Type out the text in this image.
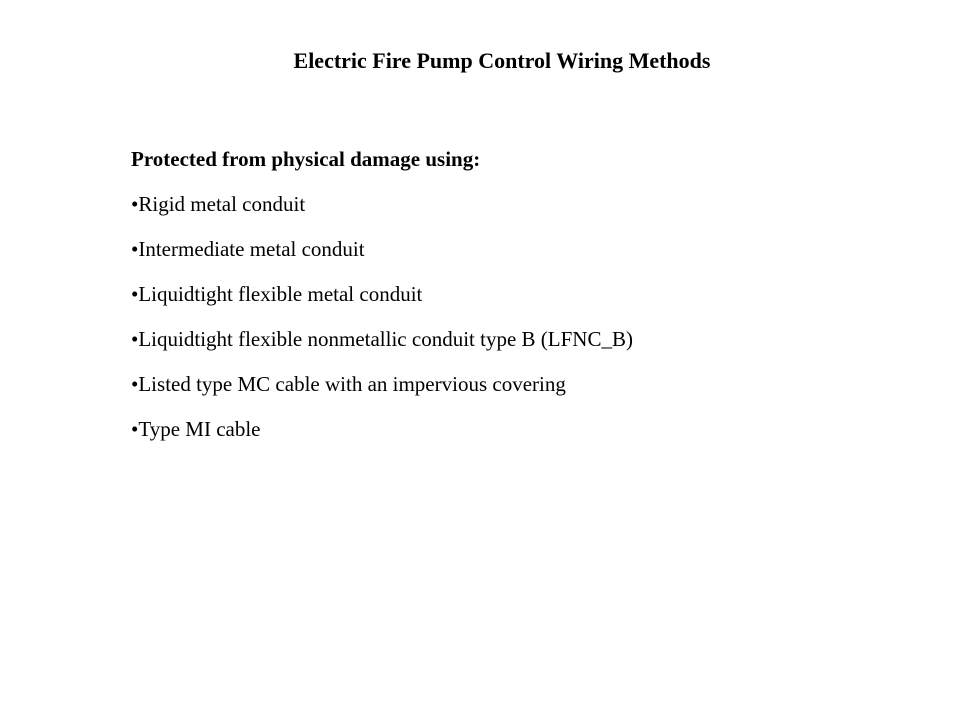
Electric Fire Pump Control Wiring Methods

Protected from physical damage using:

•Rigid metal conduit
•Intermediate metal conduit
•Liquidtight flexible metal conduit
•Liquidtight flexible nonmetallic conduit type B (LFNC_B)
•Listed type MC cable with an impervious covering
•Type MI cable
